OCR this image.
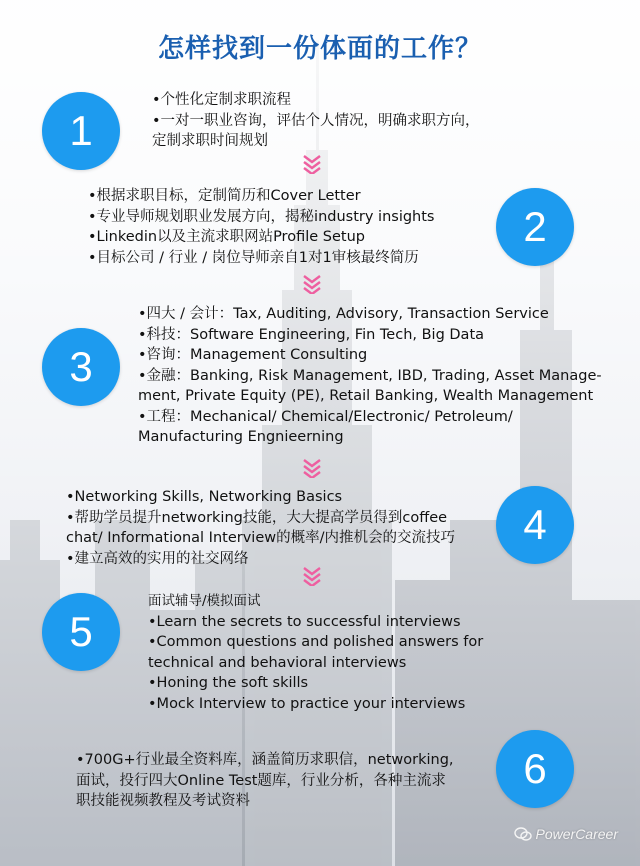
怎样找到一份体面的工作？
1
•个性化定制求职流程
•一对一职业咨询，评估个人情况，明确求职方向，
定制求职时间规划
•根据求职目标，定制简历和Cover Letter
•专业导师规划职业发展方向，揭秘industry insights
•Linkedin以及主流求职网站Profile Setup
•目标公司 / 行业 / 岗位导师亲自1对1审核最终简历
2
3
•四大 / 会计：Tax, Auditing, Advisory, Transaction Service
•科技：Software Engineering, Fin Tech, Big Data
•咨询：Management Consulting
•金融：Banking, Risk Management, IBD, Trading, Asset Manage-
ment, Private Equity (PE), Retail Banking, Wealth Management
•工程：Mechanical/ Chemical/Electronic/ Petroleum/
Manufacturing Engnieerning
•Networking Skills, Networking Basics
•帮助学员提升networking技能，大大提高学员得到coffee
chat/ Informational Interview的概率/内推机会的交流技巧
•建立高效的实用的社交网络
4
5
面试辅导/模拟面试
•Learn the secrets to successful interviews
•Common questions and polished answers for
technical and behavioral interviews
•Honing the soft skills
•Mock Interview to practice your interviews
•700G+行业最全资料库，涵盖简历求职信，networking,
面试，投行四大Online Test题库，行业分析，各种主流求
职技能视频教程及考试资料
6
PowerCareer
